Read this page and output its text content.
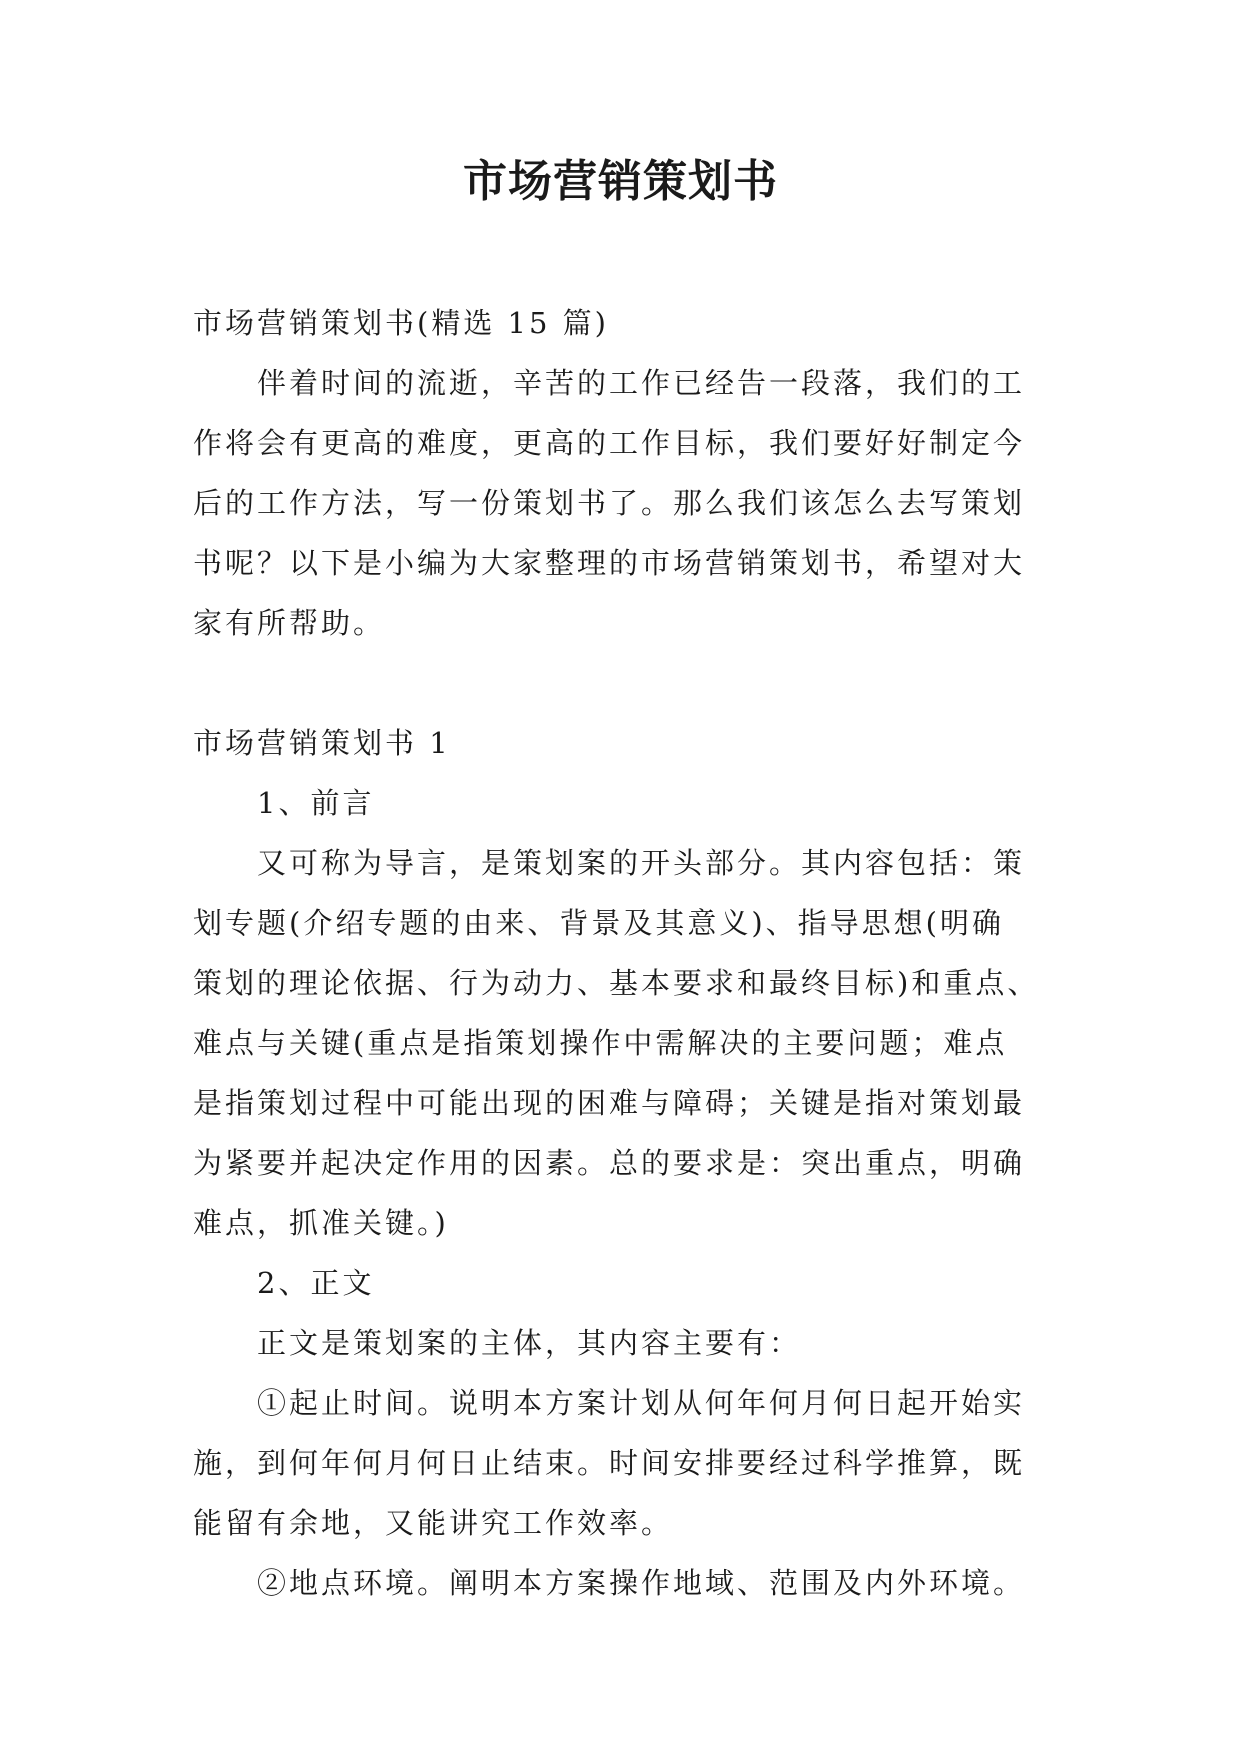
市场营销策划书
市场营销策划书(精选 15 篇)
伴着时间的流逝，辛苦的工作已经告一段落，我们的工
作将会有更高的难度，更高的工作目标，我们要好好制定今
后的工作方法，写一份策划书了。那么我们该怎么去写策划
书呢？以下是小编为大家整理的市场营销策划书，希望对大
家有所帮助。
市场营销策划书 1
1、前言
又可称为导言，是策划案的开头部分。其内容包括：策
划专题(介绍专题的由来、背景及其意义)、指导思想(明确
策划的理论依据、行为动力、基本要求和最终目标)和重点、
难点与关键(重点是指策划操作中需解决的主要问题；难点
是指策划过程中可能出现的困难与障碍；关键是指对策划最
为紧要并起决定作用的因素。总的要求是：突出重点，明确
难点，抓准关键。)
2、正文
正文是策划案的主体，其内容主要有：
①起止时间。说明本方案计划从何年何月何日起开始实
施，到何年何月何日止结束。时间安排要经过科学推算，既
能留有余地，又能讲究工作效率。
②地点环境。阐明本方案操作地域、范围及内外环境。
